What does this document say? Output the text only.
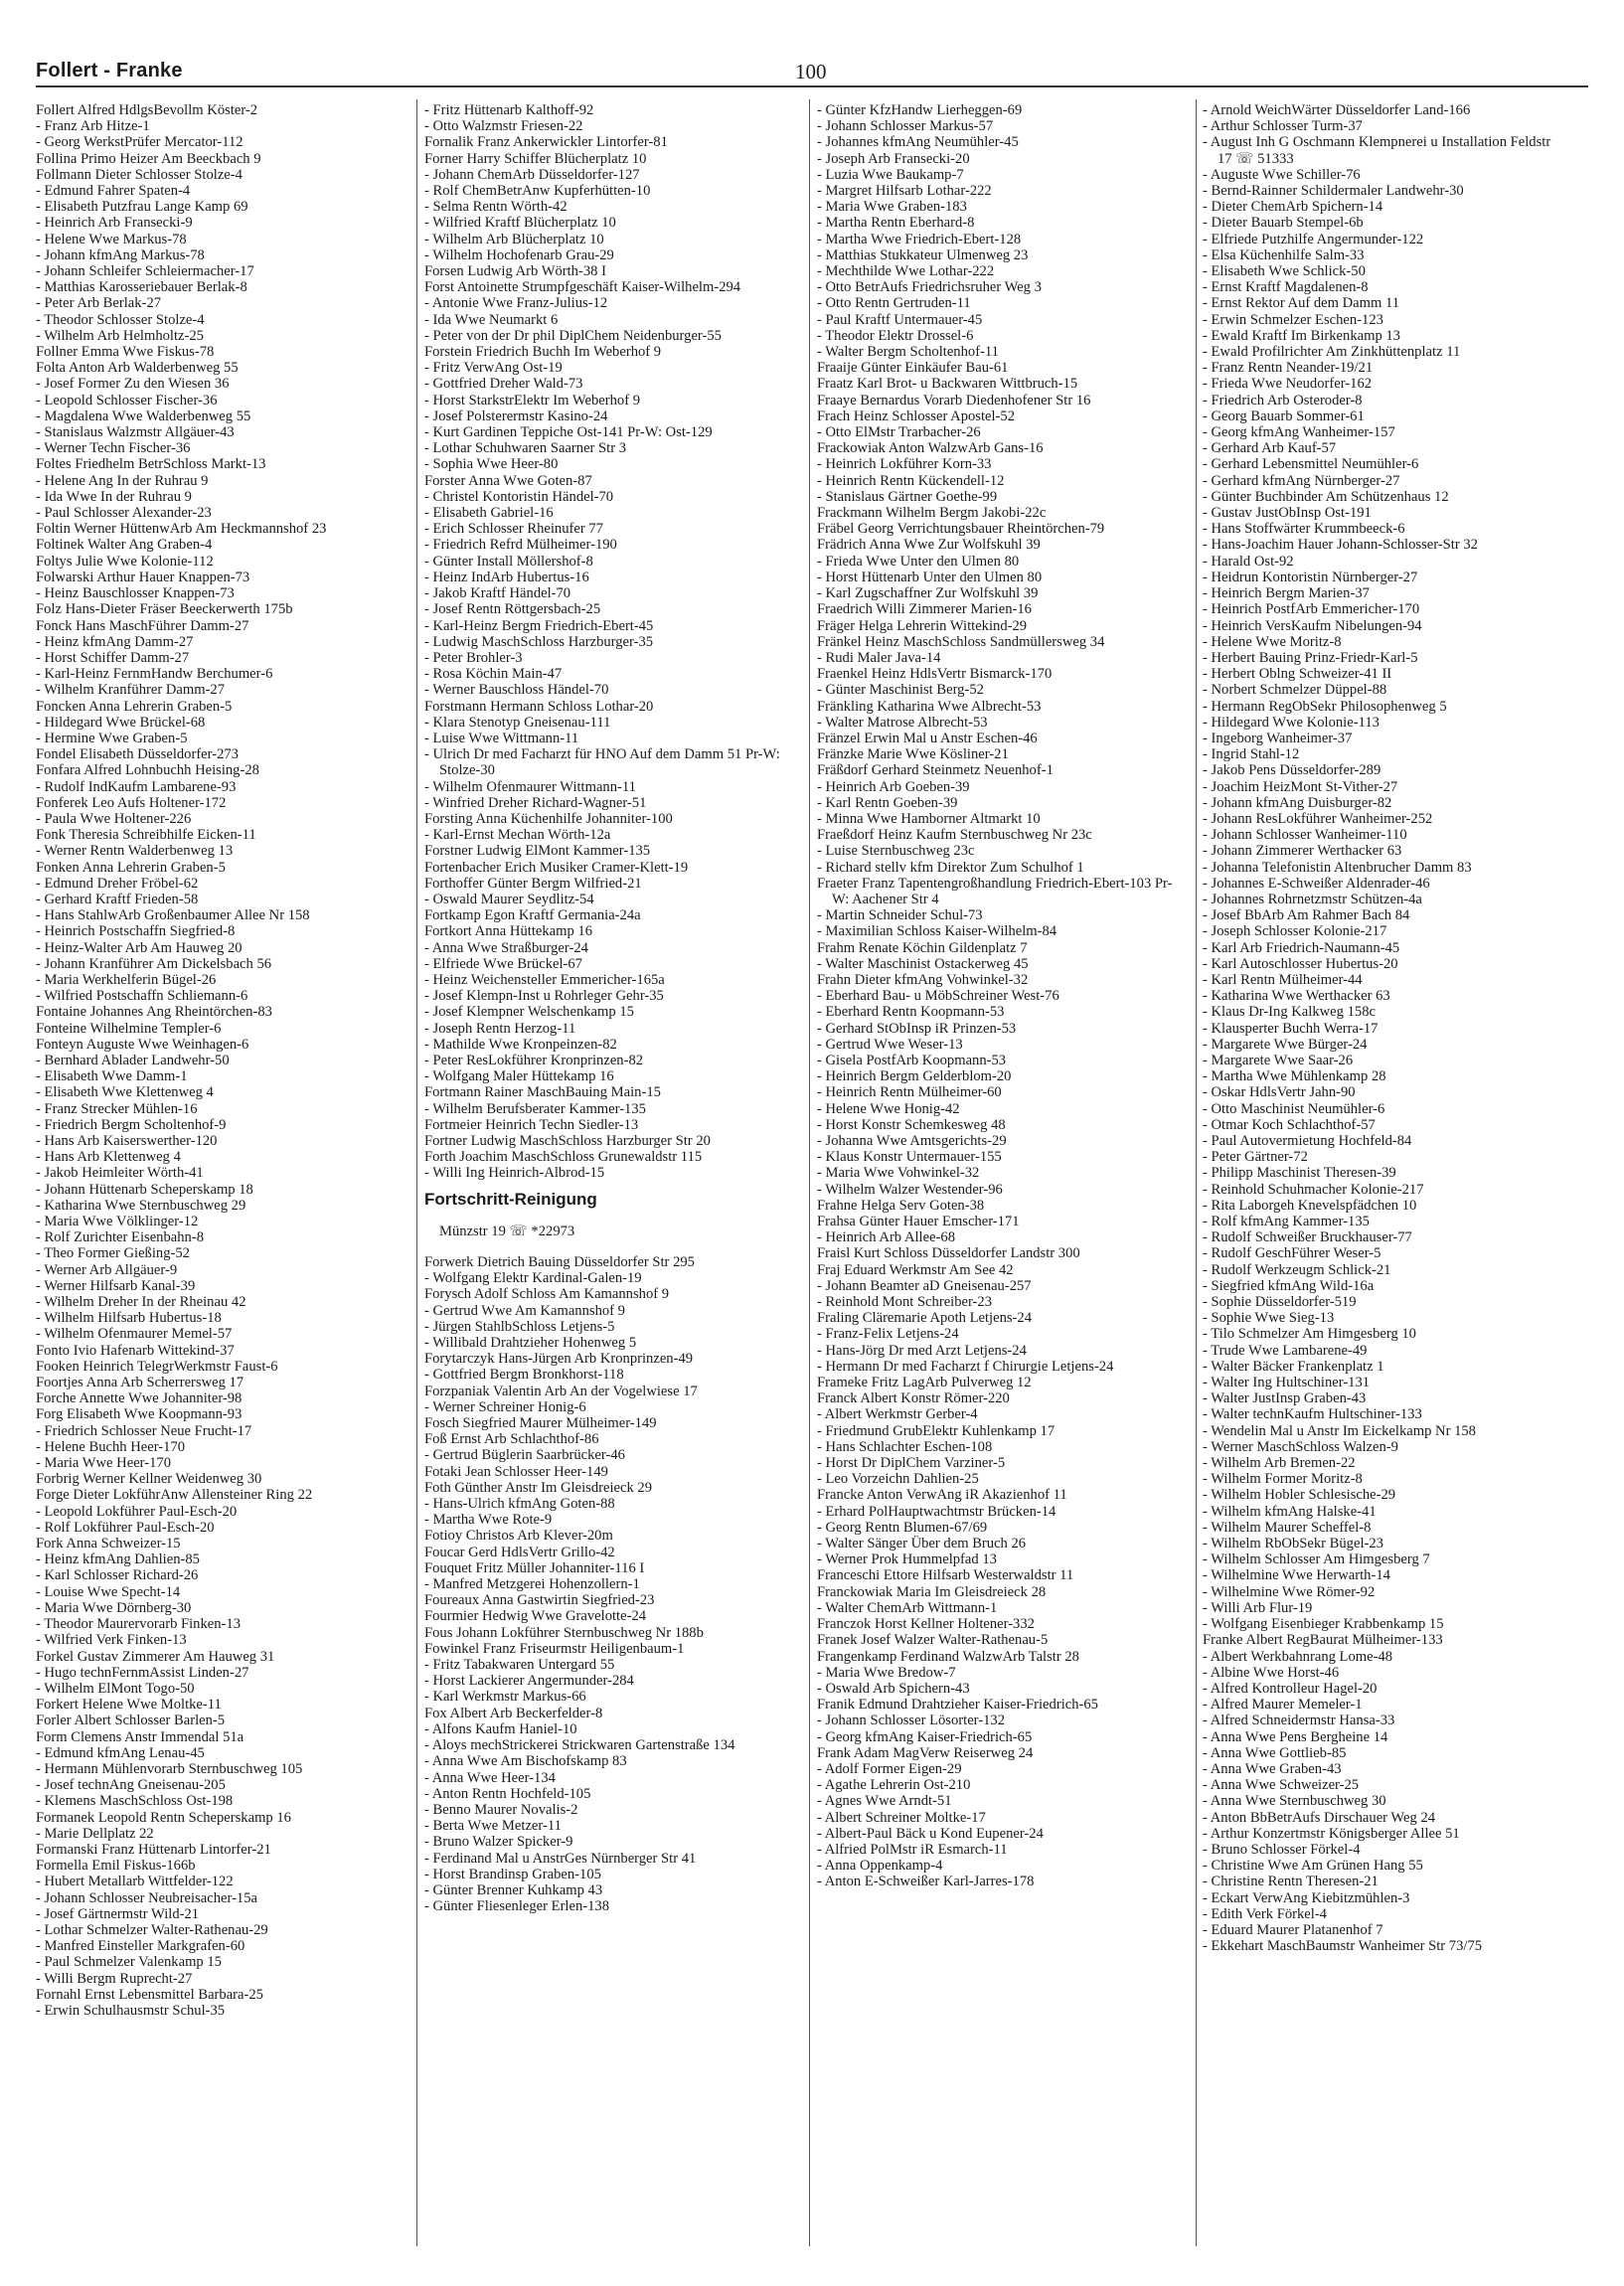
Follert - Franke	100

Follert Alfred HdlgsBevollm Köster-2

- Franz Arb Hitze-1

- Georg WerkstPrüfer Mercator-112

Follina Primo Heizer Am Beeckbach 9

Follmann Dieter Schlosser Stolze-4

- Edmund Fahrer Spaten-4

- Elisabeth Putzfrau Lange Kamp 69

- Heinrich Arb Fransecki-9

- Helene Wwe Markus-78

- Johann kfmAng Markus-78

- Johann Schleifer Schleiermacher-17

- Matthias Karosseriebauer Berlak-8

- Peter Arb Berlak-27

- Theodor Schlosser Stolze-4

- Wilhelm Arb Helmholtz-25

Follner Emma Wwe Fiskus-78

Folta Anton Arb Walderbenweg 55

- Josef Former Zu den Wiesen 36

- Leopold Schlosser Fischer-36

- Magdalena Wwe Walderbenweg 55

- Stanislaus Walzmstr Allgäuer-43

- Werner Techn Fischer-36

Foltes Friedhelm BetrSchloss Markt-13

- Helene Ang In der Ruhrau 9

- Ida Wwe In der Ruhrau 9

- Paul Schlosser Alexander-23

Foltin Werner HüttenwArb Am Heckmannshof 23

Foltinek Walter Ang Graben-4

Foltys Julie Wwe Kolonie-112

Folwarski Arthur Hauer Knappen-73

- Heinz Bauschlosser Knappen-73

Folz Hans-Dieter Fräser Beeckerwerth 175b

Fonck Hans MaschFührer Damm-27

- Heinz kfmAng Damm-27

- Horst Schiffer Damm-27

- Karl-Heinz FernmHandw Berchumer-6

- Wilhelm Kranführer Damm-27

Foncken Anna Lehrerin Graben-5

- Hildegard Wwe Brückel-68

- Hermine Wwe Graben-5

Fondel Elisabeth Düsseldorfer-273

Fonfara Alfred Lohnbuchh Heising-28

- Rudolf IndKaufm Lambarene-93

Fonferek Leo Aufs Holtener-172

- Paula Wwe Holtener-226

Fonk Theresia Schreibhilfe Eicken-11

- Werner Rentn Walderbenweg 13

Fonken Anna Lehrerin Graben-5

- Edmund Dreher Fröbel-62

- Gerhard Kraftf Frieden-58

- Hans StahlwArb Großenbaumer Allee Nr 158

- Heinrich Postschaffn Siegfried-8

- Heinz-Walter Arb Am Hauweg 20

- Johann Kranführer Am Dickelsbach 56

- Maria Werkhelferin Bügel-26

- Wilfried Postschaffn Schliemann-6

Fontaine Johannes Ang Rheintörchen-83

Fonteine Wilhelmine Templer-6

Fonteyn Auguste Wwe Weinhagen-6

- Bernhard Ablader Landwehr-50

- Elisabeth Wwe Damm-1

- Elisabeth Wwe Klettenweg 4

- Franz Strecker Mühlen-16

- Friedrich Bergm Scholtenhof-9

- Hans Arb Kaiserswerther-120

- Hans Arb Klettenweg 4

- Jakob Heimleiter Wörth-41

- Johann Hüttenarb Scheperskamp 18

- Katharina Wwe Sternbuschweg 29

- Maria Wwe Völklinger-12

- Rolf Zurichter Eisenbahn-8

- Theo Former Gießing-52

- Werner Arb Allgäuer-9

- Werner Hilfsarb Kanal-39

- Wilhelm Dreher In der Rheinau 42

- Wilhelm Hilfsarb Hubertus-18

- Wilhelm Ofenmaurer Memel-57

Fonto Ivio Hafenarb Wittekind-37

Fooken Heinrich TelegrWerkmstr Faust-6

Foortjes Anna Arb Scherrersweg 17

Forche Annette Wwe Johanniter-98

Forg Elisabeth Wwe Koopmann-93

- Friedrich Schlosser Neue Frucht-17

- Helene Buchh Heer-170

- Maria Wwe Heer-170

Forbrig Werner Kellner Weidenweg 30

Forge Dieter LokführAnw Allensteiner Ring 22

- Leopold Lokführer Paul-Esch-20

- Rolf Lokführer Paul-Esch-20

Fork Anna Schweizer-15

- Heinz kfmAng Dahlien-85

- Karl Schlosser Richard-26

- Louise Wwe Specht-14

- Maria Wwe Dörnberg-30

- Theodor Maurervorarb Finken-13

- Wilfried Verk Finken-13

Forkel Gustav Zimmerer Am Hauweg 31

- Hugo technFernmAssist Linden-27

- Wilhelm ElMont Togo-50

Forkert Helene Wwe Moltke-11

Forler Albert Schlosser Barlen-5

Form Clemens Anstr Immendal 51a

- Edmund kfmAng Lenau-45

- Hermann Mühlenvorarb Sternbuschweg 105

- Josef technAng Gneisenau-205

- Klemens MaschSchloss Ost-198

Formanek Leopold Rentn Scheperskamp 16

- Marie Dellplatz 22

Formanski Franz Hüttenarb Lintorfer-21

Formella Emil Fiskus-166b

- Hubert Metallarb Wittfelder-122

- Johann Schlosser Neubreisacher-15a

- Josef Gärtnermstr Wild-21

- Lothar Schmelzer Walter-Rathenau-29

- Manfred Einsteller Markgrafen-60

- Paul Schmelzer Valenkamp 15

- Willi Bergm Ruprecht-27

Fornahl Ernst Lebensmittel Barbara-25

- Erwin Schulhausmstr Schul-35

- Fritz Hüttenarb Kalthoff-92

- Otto Walzmstr Friesen-22

Fornalik Franz Ankerwickler Lintorfer-81

Forner Harry Schiffer Blücherplatz 10

- Johann ChemArb Düsseldorfer-127

- Rolf ChemBetrAnw Kupferhütten-10

- Selma Rentn Wörth-42

- Wilfried Kraftf Blücherplatz 10

- Wilhelm Arb Blücherplatz 10

- Wilhelm Hochofenarb Grau-29

Forsen Ludwig Arb Wörth-38 I

Forst Antoinette Strumpfgeschäft Kaiser-Wilhelm-294

- Antonie Wwe Franz-Julius-12

- Ida Wwe Neumarkt 6

- Peter von der Dr phil DiplChem Neidenburger-55

Forstein Friedrich Buchh Im Weberhof 9

- Fritz VerwAng Ost-19

- Gottfried Dreher Wald-73

- Horst StarkstrElektr Im Weberhof 9

- Josef Polsterermstr Kasino-24

- Kurt Gardinen Teppiche Ost-141 Pr-W: Ost-129

- Lothar Schuhwaren Saarner Str 3

- Sophia Wwe Heer-80

Forster Anna Wwe Goten-87

- Christel Kontoristin Händel-70

- Elisabeth Gabriel-16

- Erich Schlosser Rheinufer 77

- Friedrich Refrd Mülheimer-190

- Günter Install Möllershof-8

- Heinz IndArb Hubertus-16

- Jakob Kraftf Händel-70

- Josef Rentn Röttgersbach-25

- Karl-Heinz Bergm Friedrich-Ebert-45

- Ludwig MaschSchloss Harzburger-35

- Peter Brohler-3

- Rosa Köchin Main-47

- Werner Bauschloss Händel-70

Forstmann Hermann Schloss Lothar-20

- Klara Stenotyp Gneisenau-111

- Luise Wwe Wittmann-11

- Ulrich Dr med Facharzt für HNO Auf dem Damm 51 Pr-W: Stolze-30

- Wilhelm Ofenmaurer Wittmann-11

- Winfried Dreher Richard-Wagner-51

Forsting Anna Küchenhilfe Johanniter-100

- Karl-Ernst Mechan Wörth-12a

Forstner Ludwig ElMont Kammer-135

Fortenbacher Erich Musiker Cramer-Klett-19

Forthoffer Günter Bergm Wilfried-21

- Oswald Maurer Seydlitz-54

Fortkamp Egon Kraftf Germania-24a

Fortkort Anna Hüttekamp 16

- Anna Wwe Straßburger-24

- Elfriede Wwe Brückel-67

- Heinz Weichensteller Emmericher-165a

- Josef Klempn-Inst u Rohrleger Gehr-35

- Josef Klempner Welschenkamp 15

- Joseph Rentn Herzog-11

- Mathilde Wwe Kronpeinzen-82

- Peter ResLokführer Kronprinzen-82

- Wolfgang Maler Hüttekamp 16

Fortmann Rainer MaschBauing Main-15

- Wilhelm Berufsberater Kammer-135

Fortmeier Heinrich Techn Siedler-13

Fortner Ludwig MaschSchloss Harzburger Str 20

Forth Joachim MaschSchloss Grunewaldstr 115

- Willi Ing Heinrich-Albrod-15

Fortschritt-Reinigung

Münzstr 19 ☏ *22973

Forwerk Dietrich Bauing Düsseldorfer Str 295

- Wolfgang Elektr Kardinal-Galen-19

Forysch Adolf Schloss Am Kamannshof 9

- Gertrud Wwe Am Kamannshof 9

- Jürgen StahlbSchloss Letjens-5

- Willibald Drahtzieher Hohenweg 5

Forytarczyk Hans-Jürgen Arb Kronprinzen-49

- Gottfried Bergm Bronkhorst-118

Forzpaniak Valentin Arb An der Vogelwiese 17

- Werner Schreiner Honig-6

Fosch Siegfried Maurer Mülheimer-149

Foß Ernst Arb Schlachthof-86

- Gertrud Büglerin Saarbrücker-46

Fotaki Jean Schlosser Heer-149

Foth Günther Anstr Im Gleisdreieck 29

- Hans-Ulrich kfmAng Goten-88

- Martha Wwe Rote-9

Fotioy Christos Arb Klever-20m

Foucar Gerd HdlsVertr Grillo-42

Fouquet Fritz Müller Johanniter-116 I

- Manfred Metzgerei Hohenzollern-1

Foureaux Anna Gastwirtin Siegfried-23

Fourmier Hedwig Wwe Gravelotte-24

Fous Johann Lokführer Sternbuschweg Nr 188b

Fowinkel Franz Friseurmstr Heiligenbaum-1

- Fritz Tabakwaren Untergard 55

- Horst Lackierer Angermunder-284

- Karl Werkmstr Markus-66

Fox Albert Arb Beckerfelder-8

- Alfons Kaufm Haniel-10

- Aloys mechStrickerei Strickwaren Gartenstraße 134

- Anna Wwe Am Bischofskamp 83

- Anna Wwe Heer-134

- Anton Rentn Hochfeld-105

- Benno Maurer Novalis-2

- Berta Wwe Metzer-11

- Bruno Walzer Spicker-9

- Ferdinand Mal u AnstrGes Nürnberger Str 41

- Horst Brandinsp Graben-105

- Günter Brenner Kuhkamp 43

- Günter Fliesenleger Erlen-138

- Günter KfzHandw Lierheggen-69

- Johann Schlosser Markus-57

- Johannes kfmAng Neumühler-45

- Joseph Arb Fransecki-20

- Luzia Wwe Baukamp-7

- Margret Hilfsarb Lothar-222

- Maria Wwe Graben-183

- Martha Rentn Eberhard-8

- Martha Wwe Friedrich-Ebert-128

- Matthias Stukkateur Ulmenweg 23

- Mechthilde Wwe Lothar-222

- Otto BetrAufs Friedrichsruher Weg 3

- Otto Rentn Gertruden-11

- Paul Kraftf Untermauer-45

- Theodor Elektr Drossel-6

- Walter Bergm Scholtenhof-11

Fraaije Günter Einkäufer Bau-61

Fraatz Karl Brot- u Backwaren Wittbruch-15

Fraaye Bernardus Vorarb Diedenhofener Str 16

Frach Heinz Schlosser Apostel-52

- Otto ElMstr Trarbacher-26

Frackowiak Anton WalzwArb Gans-16

- Heinrich Lokführer Korn-33

- Heinrich Rentn Kückendell-12

- Stanislaus Gärtner Goethe-99

Frackmann Wilhelm Bergm Jakobi-22c

Fräbel Georg Verrichtungsbauer Rheintörchen-79

Frädrich Anna Wwe Zur Wolfskuhl 39

- Frieda Wwe Unter den Ulmen 80

- Horst Hüttenarb Unter den Ulmen 80

- Karl Zugschaffner Zur Wolfskuhl 39

Fraedrich Willi Zimmerer Marien-16

Fräger Helga Lehrerin Wittekind-29

Fränkel Heinz MaschSchloss Sandmüllersweg 34

- Rudi Maler Java-14

Fraenkel Heinz HdlsVertr Bismarck-170

- Günter Maschinist Berg-52

Fränkling Katharina Wwe Albrecht-53

- Walter Matrose Albrecht-53

Fränzel Erwin Mal u Anstr Eschen-46

Fränzke Marie Wwe Kösliner-21

Fräßdorf Gerhard Steinmetz Neuenhof-1

- Heinrich Arb Goeben-39

- Karl Rentn Goeben-39

- Minna Wwe Hamborner Altmarkt 10

Fraeßdorf Heinz Kaufm Sternbuschweg Nr 23c

- Luise Sternbuschweg 23c

- Richard stellv kfm Direktor Zum Schulhof 1

Fraeter Franz Tapentengroßhandlung Friedrich-Ebert-103 Pr-W: Aachener Str 4

- Martin Schneider Schul-73

- Maximilian Schloss Kaiser-Wilhelm-84

Frahm Renate Köchin Gildenplatz 7

- Walter Maschinist Ostackerweg 45

Frahn Dieter kfmAng Vohwinkel-32

- Eberhard Bau- u MöbSchreiner West-76

- Eberhard Rentn Koopmann-53

- Gerhard StObInsp iR Prinzen-53

- Gertrud Wwe Weser-13

- Gisela PostfArb Koopmann-53

- Heinrich Bergm Gelderblom-20

- Heinrich Rentn Mülheimer-60

- Helene Wwe Honig-42

- Horst Konstr Schemkesweg 48

- Johanna Wwe Amtsgerichts-29

- Klaus Konstr Untermauer-155

- Maria Wwe Vohwinkel-32

- Wilhelm Walzer Westender-96

Frahne Helga Serv Goten-38

Frahsa Günter Hauer Emscher-171

- Heinrich Arb Allee-68

Fraisl Kurt Schloss Düsseldorfer Landstr 300

Fraj Eduard Werkmstr Am See 42

- Johann Beamter aD Gneisenau-257

- Reinhold Mont Schreiber-23

Fraling Cläremarie Apoth Letjens-24

- Franz-Felix Letjens-24

- Hans-Jörg Dr med Arzt Letjens-24

- Hermann Dr med Facharzt f Chirurgie Letjens-24

Frameke Fritz LagArb Pulverweg 12

Franck Albert Konstr Römer-220

- Albert Werkmstr Gerber-4

- Friedmund GrubElektr Kuhlenkamp 17

- Hans Schlachter Eschen-108

- Horst Dr DiplChem Varziner-5

- Leo Vorzeichn Dahlien-25

Francke Anton VerwAng iR Akazienhof 11

- Erhard PolHauptwachtmstr Brücken-14

- Georg Rentn Blumen-67/69

- Walter Sänger Über dem Bruch 26

- Werner Prok Hummelpfad 13

Franceschi Ettore Hilfsarb Westerwaldstr 11

Franckowiak Maria Im Gleisdreieck 28

- Walter ChemArb Wittmann-1

Franczok Horst Kellner Holtener-332

Franek Josef Walzer Walter-Rathenau-5

Frangenkamp Ferdinand WalzwArb Talstr 28

- Maria Wwe Bredow-7

- Oswald Arb Spichern-43

Franik Edmund Drahtzieher Kaiser-Friedrich-65

- Johann Schlosser Lösorter-132

- Georg kfmAng Kaiser-Friedrich-65

Frank Adam MagVerw Reiserweg 24

- Adolf Former Eigen-29

- Agathe Lehrerin Ost-210

- Agnes Wwe Arndt-51

- Albert Schreiner Moltke-17

- Albert-Paul Bäck u Kond Eupener-24

- Alfried PolMstr iR Esmarch-11

- Anna Oppenkamp-4

- Anton E-Schweißer Karl-Jarres-178

- Arnold WeichWärter Düsseldorfer Land-166

- Arthur Schlosser Turm-37

- August Inh G Oschmann Klempnerei u Installation Feldstr 17 ☏ 51333

- Auguste Wwe Schiller-76

- Bernd-Rainner Schildermaler Landwehr-30

- Dieter ChemArb Spichern-14

- Dieter Bauarb Stempel-6b

- Elfriede Putzhilfe Angermunder-122

- Elsa Küchenhilfe Salm-33

- Elisabeth Wwe Schlick-50

- Ernst Kraftf Magdalenen-8

- Ernst Rektor Auf dem Damm 11

- Erwin Schmelzer Eschen-123

- Ewald Kraftf Im Birkenkamp 13

- Ewald Profilrichter Am Zinkhüttenplatz 11

- Franz Rentn Neander-19/21

- Frieda Wwe Neudorfer-162

- Friedrich Arb Osteroder-8

- Georg Bauarb Sommer-61

- Georg kfmAng Wanheimer-157

- Gerhard Arb Kauf-57

- Gerhard Lebensmittel Neumühler-6

- Gerhard kfmAng Nürnberger-27

- Günter Buchbinder Am Schützenhaus 12

- Gustav JustObInsp Ost-191

- Hans Stoffwärter Krummbeeck-6

- Hans-Joachim Hauer Johann-Schlosser-Str 32

- Harald Ost-92

- Heidrun Kontoristin Nürnberger-27

- Heinrich Bergm Marien-37

- Heinrich PostfArb Emmericher-170

- Heinrich VersKaufm Nibelungen-94

- Helene Wwe Moritz-8

- Herbert Bauing Prinz-Friedr-Karl-5

- Herbert Oblng Schweizer-41 II

- Norbert Schmelzer Düppel-88

- Hermann RegObSekr Philosophenweg 5

- Hildegard Wwe Kolonie-113

- Ingeborg Wanheimer-37

- Ingrid Stahl-12

- Jakob Pens Düsseldorfer-289

- Joachim HeizMont St-Vither-27

- Johann kfmAng Duisburger-82

- Johann ResLokführer Wanheimer-252

- Johann Schlosser Wanheimer-110

- Johann Zimmerer Werthacker 63

- Johanna Telefonistin Altenbrucher Damm 83

- Johannes E-Schweißer Aldenrader-46

- Johannes Rohrnetzmstr Schützen-4a

- Josef BbArb Am Rahmer Bach 84

- Joseph Schlosser Kolonie-217

- Karl Arb Friedrich-Naumann-45

- Karl Autoschlosser Hubertus-20

- Karl Rentn Mülheimer-44

- Katharina Wwe Werthacker 63

- Klaus Dr-Ing Kalkweg 158c

- Klausperter Buchh Werra-17

- Margarete Wwe Bürger-24

- Margarete Wwe Saar-26

- Martha Wwe Mühlenkamp 28

- Oskar HdlsVertr Jahn-90

- Otto Maschinist Neumühler-6

- Otmar Koch Schlachthof-57

- Paul Autovermietung Hochfeld-84

- Peter Gärtner-72

- Philipp Maschinist Theresen-39

- Reinhold Schuhmacher Kolonie-217

- Rita Laborgeh Knevelspfädchen 10

- Rolf kfmAng Kammer-135

- Rudolf Schweißer Bruckhauser-77

- Rudolf GeschFührer Weser-5

- Rudolf Werkzeugm Schlick-21

- Siegfried kfmAng Wild-16a

- Sophie Düsseldorfer-519

- Sophie Wwe Sieg-13

- Tilo Schmelzer Am Himgesberg 10

- Trude Wwe Lambarene-49

- Walter Bäcker Frankenplatz 1

- Walter Ing Hultschiner-131

- Walter JustInsp Graben-43

- Walter technKaufm Hultschiner-133

- Wendelin Mal u Anstr Im Eickelkamp Nr 158

- Werner MaschSchloss Walzen-9

- Wilhelm Arb Bremen-22

- Wilhelm Former Moritz-8

- Wilhelm Hobler Schlesische-29

- Wilhelm kfmAng Halske-41

- Wilhelm Maurer Scheffel-8

- Wilhelm RbObSekr Bügel-23

- Wilhelm Schlosser Am Himgesberg 7

- Wilhelmine Wwe Herwarth-14

- Wilhelmine Wwe Römer-92

- Willi Arb Flur-19

- Wolfgang Eisenbieger Krabbenkamp 15

Franke Albert RegBaurat Mülheimer-133

- Albert Werkbahnrang Lome-48

- Albine Wwe Horst-46

- Alfred Kontrolleur Hagel-20

- Alfred Maurer Memeler-1

- Alfred Schneidermstr Hansa-33

- Anna Wwe Pens Bergheine 14

- Anna Wwe Gottlieb-85

- Anna Wwe Graben-43

- Anna Wwe Schweizer-25

- Anna Wwe Sternbuschweg 30

- Anton BbBetrAufs Dirschauer Weg 24

- Arthur Konzertmstr Königsberger Allee 51

- Bruno Schlosser Förkel-4

- Christine Wwe Am Grünen Hang 55

- Christine Rentn Theresen-21

- Eckart VerwAng Kiebitzmühlen-3

- Edith Verk Förkel-4

- Eduard Maurer Platanenhof 7

- Ekkehart MaschBaumstr Wanheimer Str 73/75
